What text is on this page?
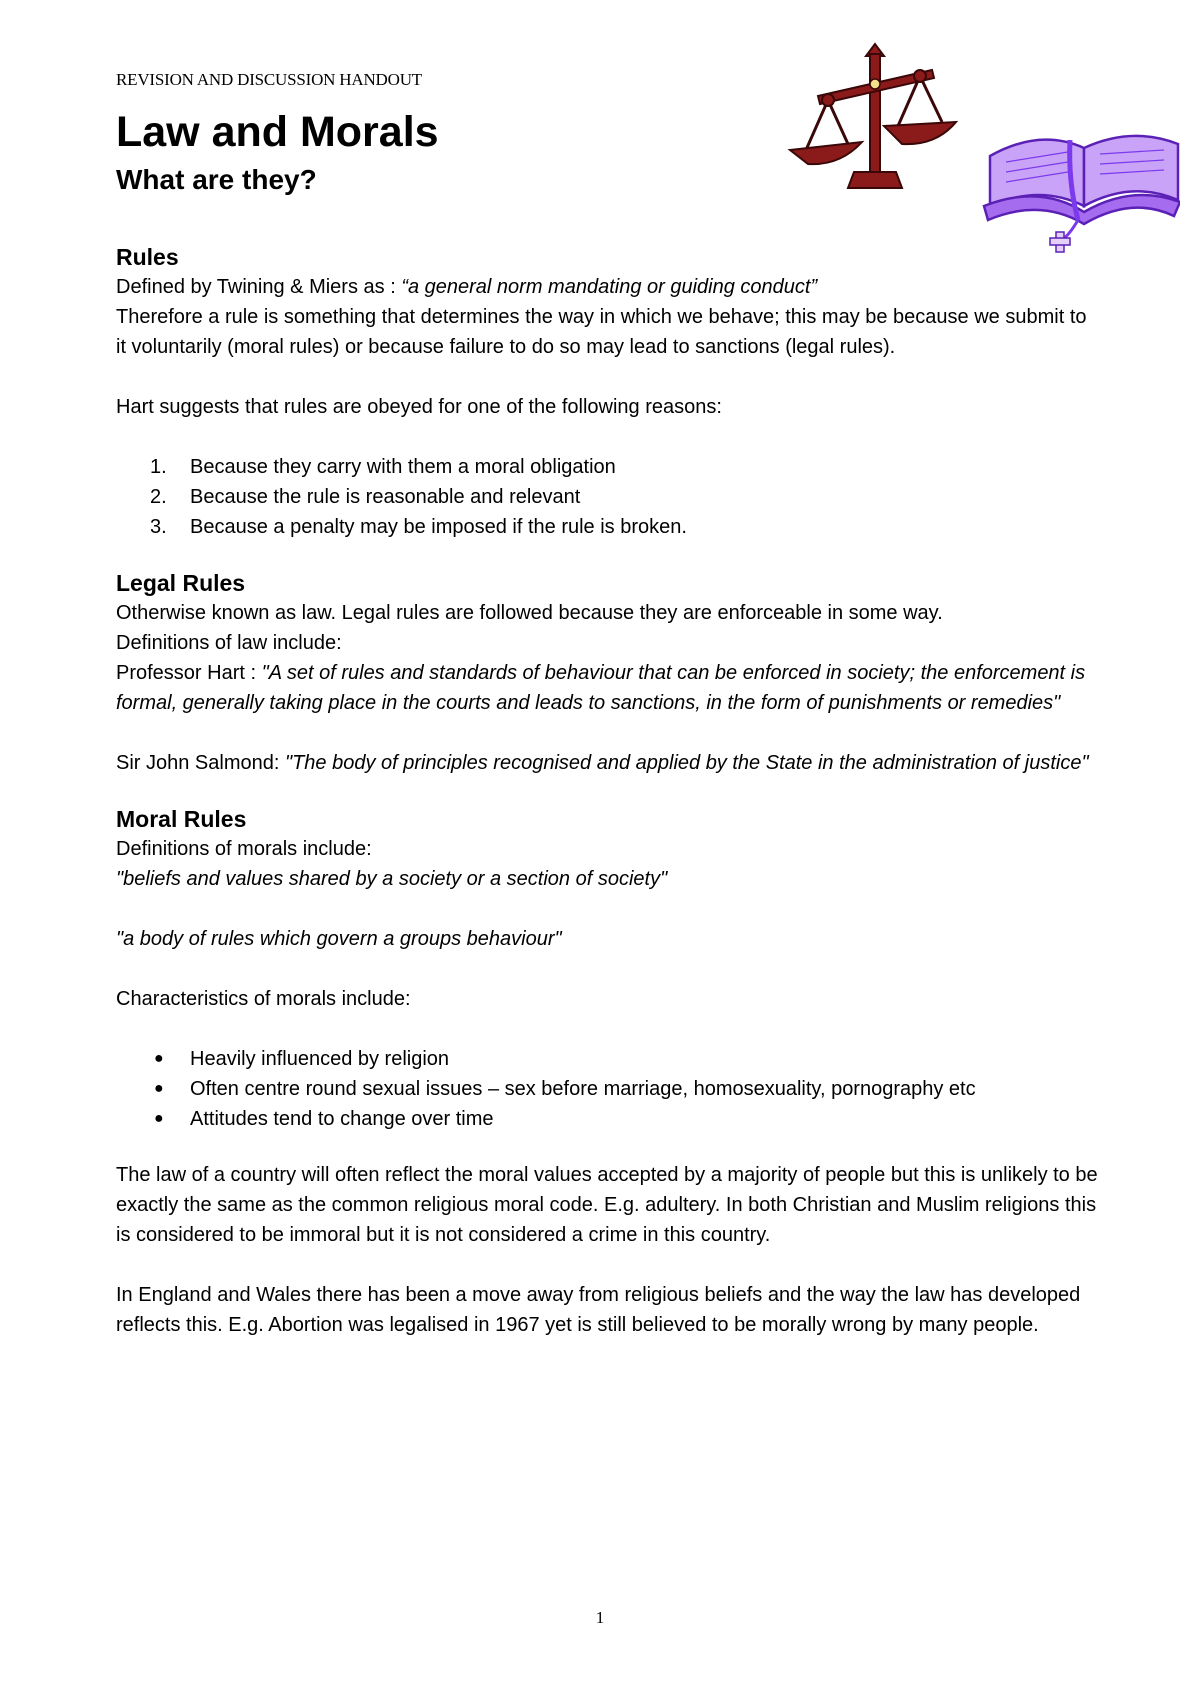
REVISION AND DISCUSSION HANDOUT
Law and Morals
What are they?
Rules

Defined by Twining & Miers as : “a general norm mandating or guiding conduct”

Therefore a rule is something that determines the way in which we behave; this may be because we submit to it voluntarily (moral rules) or because failure to do so may lead to sanctions (legal rules).

Hart suggests that rules are obeyed for one of the following reasons:

1. Because they carry with them a moral obligation
2. Because the rule is reasonable and relevant
3. Because a penalty may be imposed if the rule is broken.
Legal Rules

Otherwise known as law. Legal rules are followed because they are enforceable in some way.

Definitions of law include:

Professor Hart : "A set of rules and standards of behaviour that can be enforced in society; the enforcement is formal, generally taking place in the courts and leads to sanctions, in the form of punishments or remedies"

Sir John Salmond: "The body of principles recognised and applied by the State in the administration of justice"

Moral Rules

Definitions of morals include:

"beliefs and values shared by a society or a section of society"

"a body of rules which govern a groups behaviour"

Characteristics of morals include:

● Heavily influenced by religion
● Often centre round sexual issues – sex before marriage, homosexuality, pornography etc
● Attitudes tend to change over time

The law of a country will often reflect the moral values accepted by a majority of people but this is unlikely to be exactly the same as the common religious moral code. E.g. adultery. In both Christian and Muslim religions this is considered to be immoral but it is not considered a crime in this country.

In England and Wales there has been a move away from religious beliefs and the way the law has developed reflects this. E.g. Abortion was legalised in 1967 yet is still believed to be morally wrong by many people.

1
